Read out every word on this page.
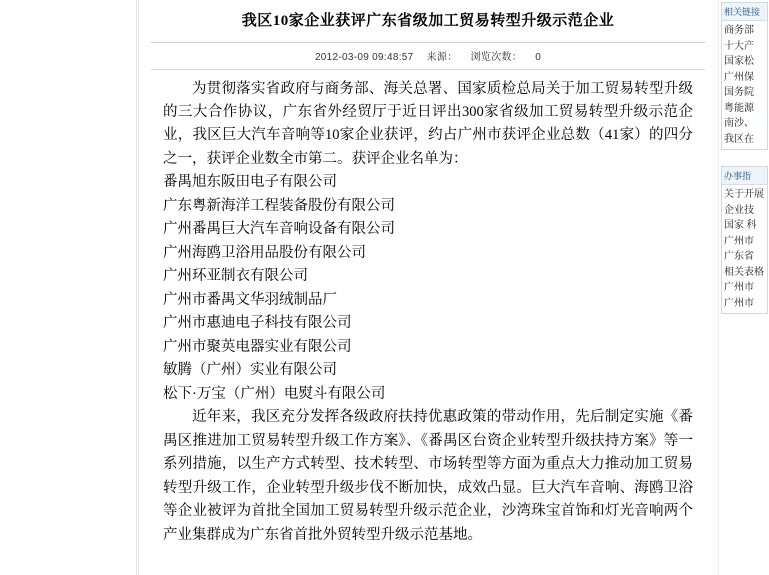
我区10家企业获评广东省级加工贸易转型升级示范企业
2012-03-09 09:48:57 来源： 浏览次数： 0

为贯彻落实省政府与商务部、海关总署、国家质检总局关于加工贸易转型升级的三大合作协议，广东省外经贸厅于近日评出300家省级加工贸易转型升级示范企业，我区巨大汽车音响等10家企业获评，约占广州市获评企业总数（41家）的四分之一，获评企业数全市第二。获评企业名单为：

番禺旭东阪田电子有限公司
广东粤新海洋工程装备股份有限公司
广州番禺巨大汽车音响设备有限公司
广州海鸥卫浴用品股份有限公司
广州环亚制衣有限公司
广州市番禺文华羽绒制品厂
广州市惠迪电子科技有限公司
广州市聚英电器实业有限公司
敏腾（广州）实业有限公司
松下·万宝（广州）电熨斗有限公司

近年来，我区充分发挥各级政府扶持优惠政策的带动作用，先后制定实施《番禺区推进加工贸易转型升级工作方案》、《番禺区台资企业转型升级扶持方案》等一系列措施，以生产方式转型、技术转型、市场转型等方面为重点大力推动加工贸易转型升级工作，企业转型升级步伐不断加快，成效凸显。巨大汽车音响、海鸥卫浴等企业被评为首批全国加工贸易转型升级示范企业，沙湾珠宝首饰和灯光音响两个产业集群成为广东省首批外贸转型升级示范基地。

相关链接
商务部
十大产
国家松
广州保
国务院
粤能源
南沙、
我区在
办事指
关于开展
企业技
国家 科
广州市
广东省
相关表格
广州市
广州市
